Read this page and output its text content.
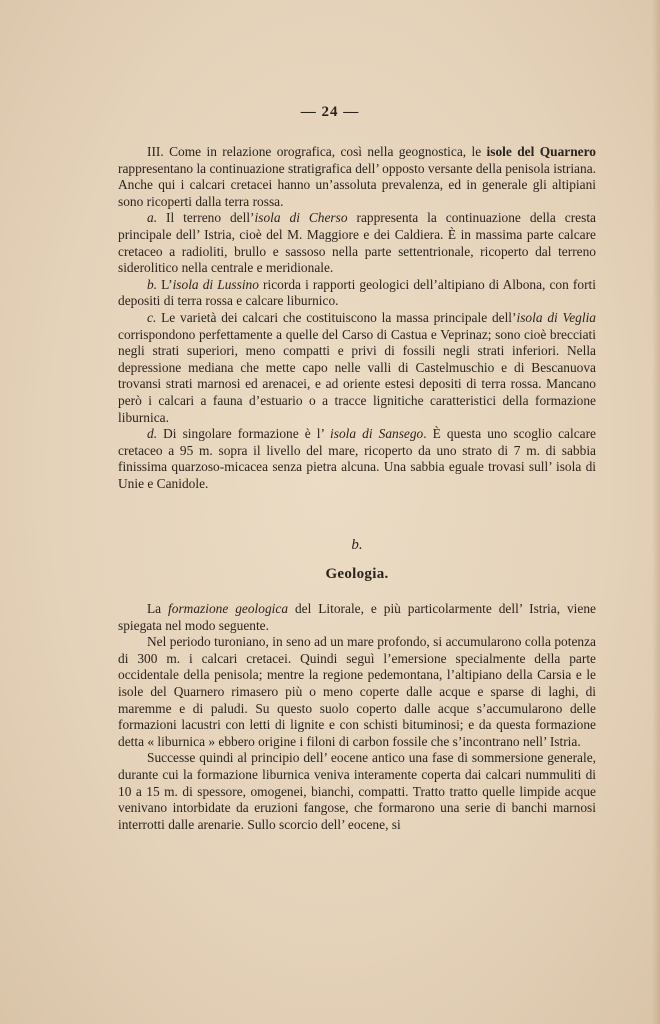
— 24 —

III. Come in relazione orografica, così nella geognostica, le isole del Quarnero rappresentano la continuazione stratigrafica dell’ opposto versante della penisola istriana. Anche qui i calcari cretacei hanno un’assoluta prevalenza, ed in generale gli altipiani sono ricoperti dalla terra rossa.

a. Il terreno dell’isola di Cherso rappresenta la continuazione della cresta principale dell’ Istria, cioè del M. Maggiore e dei Caldiera. È in massima parte calcare cretaceo a radioliti, brullo e sassoso nella parte settentrionale, ricoperto dal terreno siderolitico nella centrale e meridionale.

b. L’isola di Lussino ricorda i rapporti geologici dell’altipiano di Albona, con forti depositi di terra rossa e calcare liburnico.

c. Le varietà dei calcari che costituiscono la massa principale dell’isola di Veglia corrispondono perfettamente a quelle del Carso di Castua e Veprinaz; sono cioè brecciati negli strati superiori, meno compatti e privi di fossili negli strati inferiori. Nella depressione mediana che mette capo nelle valli di Castelmuschio e di Bescanuova trovansi strati marnosi ed arenacei, e ad oriente estesi depositi di terra rossa. Mancano però i calcari a fauna d’estuario o a tracce lignitiche caratteristici della formazione liburnica.

d. Di singolare formazione è l’ isola di Sansego. È questa uno scoglio calcare cretaceo a 95 m. sopra il livello del mare, ricoperto da uno strato di 7 m. di sabbia finissima quarzoso-micacea senza pietra alcuna. Una sabbia eguale trovasi sull’ isola di Unie e Canidole.

b.
Geologia.

La formazione geologica del Litorale, e più particolarmente dell’ Istria, viene spiegata nel modo seguente.

Nel periodo turoniano, in seno ad un mare profondo, si accumularono colla potenza di 300 m. i calcari cretacei. Quindi seguì l’emersione specialmente della parte occidentale della penisola; mentre la regione pedemontana, l’altipiano della Carsia e le isole del Quarnero rimasero più o meno coperte dalle acque e sparse di laghi, di maremme e di paludi. Su questo suolo coperto dalle acque s’accumularono delle formazioni lacustri con letti di lignite e con schisti bituminosi; e da questa formazione detta « liburnica » ebbero origine i filoni di carbon fossile che s’incontrano nell’ Istria.

Successe quindi al principio dell’ eocene antico una fase di sommersione generale, durante cui la formazione liburnica veniva interamente coperta dai calcari nummuliti di 10 a 15 m. di spessore, omogenei, bianchi, compatti. Tratto tratto quelle limpide acque venivano intorbidate da eruzioni fangose, che formarono una serie di banchi marnosi interrotti dalle arenarie. Sullo scorcio dell’ eocene, si
